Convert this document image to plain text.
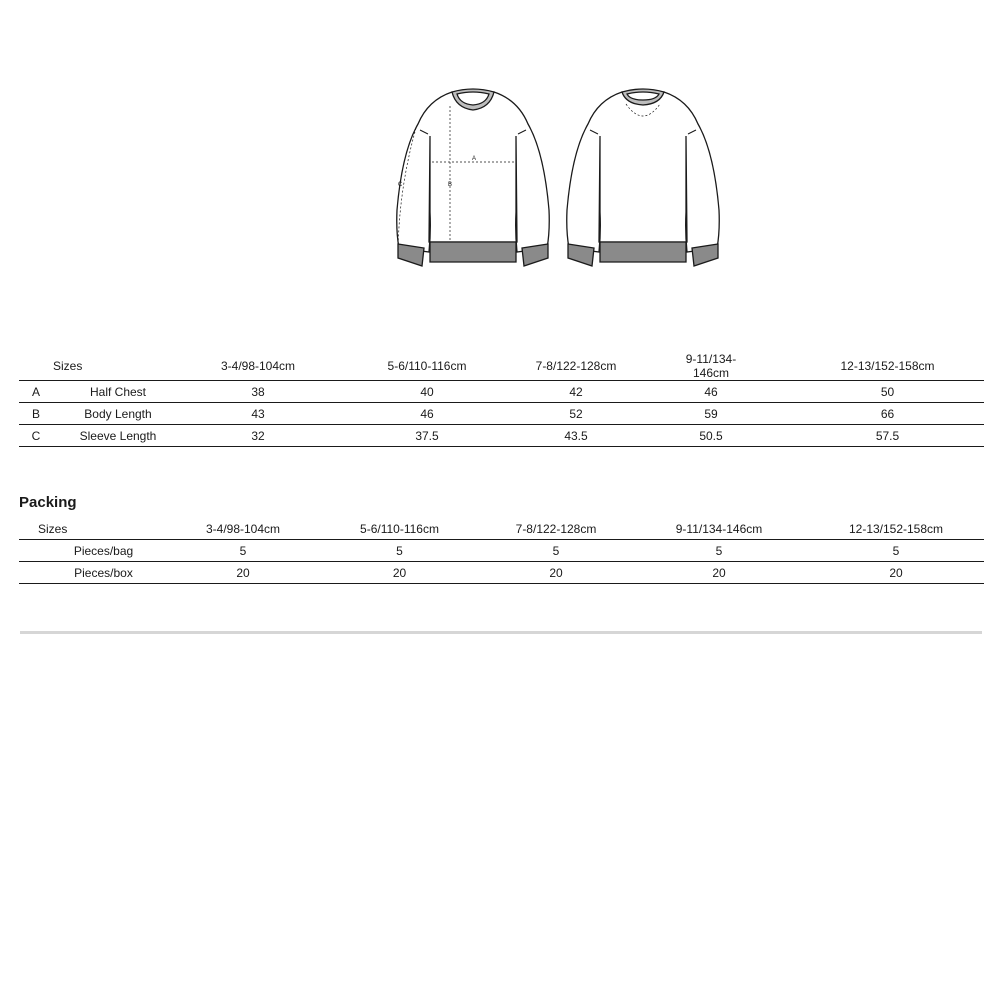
A
B
C
	Sizes	3-4/98-104cm	5-6/110-116cm	7-8/122-128cm	9-11/134-146cm	12-13/152-158cm
A	Half Chest	38	40	42	46	50
B	Body Length	43	46	52	59	66
C	Sleeve Length	32	37.5	43.5	50.5	57.5
Packing
Sizes	3-4/98-104cm	5-6/110-116cm	7-8/122-128cm	9-11/134-146cm	12-13/152-158cm
Pieces/bag	5	5	5	5	5
Pieces/box	20	20	20	20	20
